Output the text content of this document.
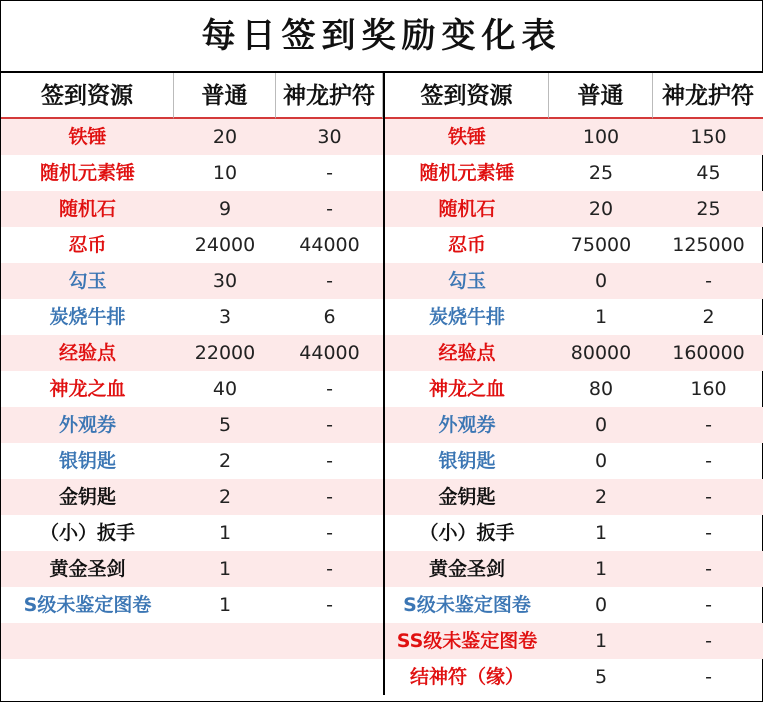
每日签到奖励变化表
签到资源	普通	神龙护符
铁锤	20	30
随机元素锤	10	-
随机石	9	-
忍币	24000	44000
勾玉	30	-
炭烧牛排	3	6
经验点	22000	44000
神龙之血	40	-
外观券	5	-
银钥匙	2	-
金钥匙	2	-
（小）扳手	1	-
黄金圣剑	1	-
S级未鉴定图卷	1	-
签到资源	普通	神龙护符
铁锤	100	150
随机元素锤	25	45
随机石	20	25
忍币	75000	125000
勾玉	0	-
炭烧牛排	1	2
经验点	80000	160000
神龙之血	80	160
外观券	0	-
银钥匙	0	-
金钥匙	2	-
（小）扳手	1	-
黄金圣剑	1	-
S级未鉴定图卷	0	-
SS级未鉴定图卷	1	-
结神符（缘）	5	-
